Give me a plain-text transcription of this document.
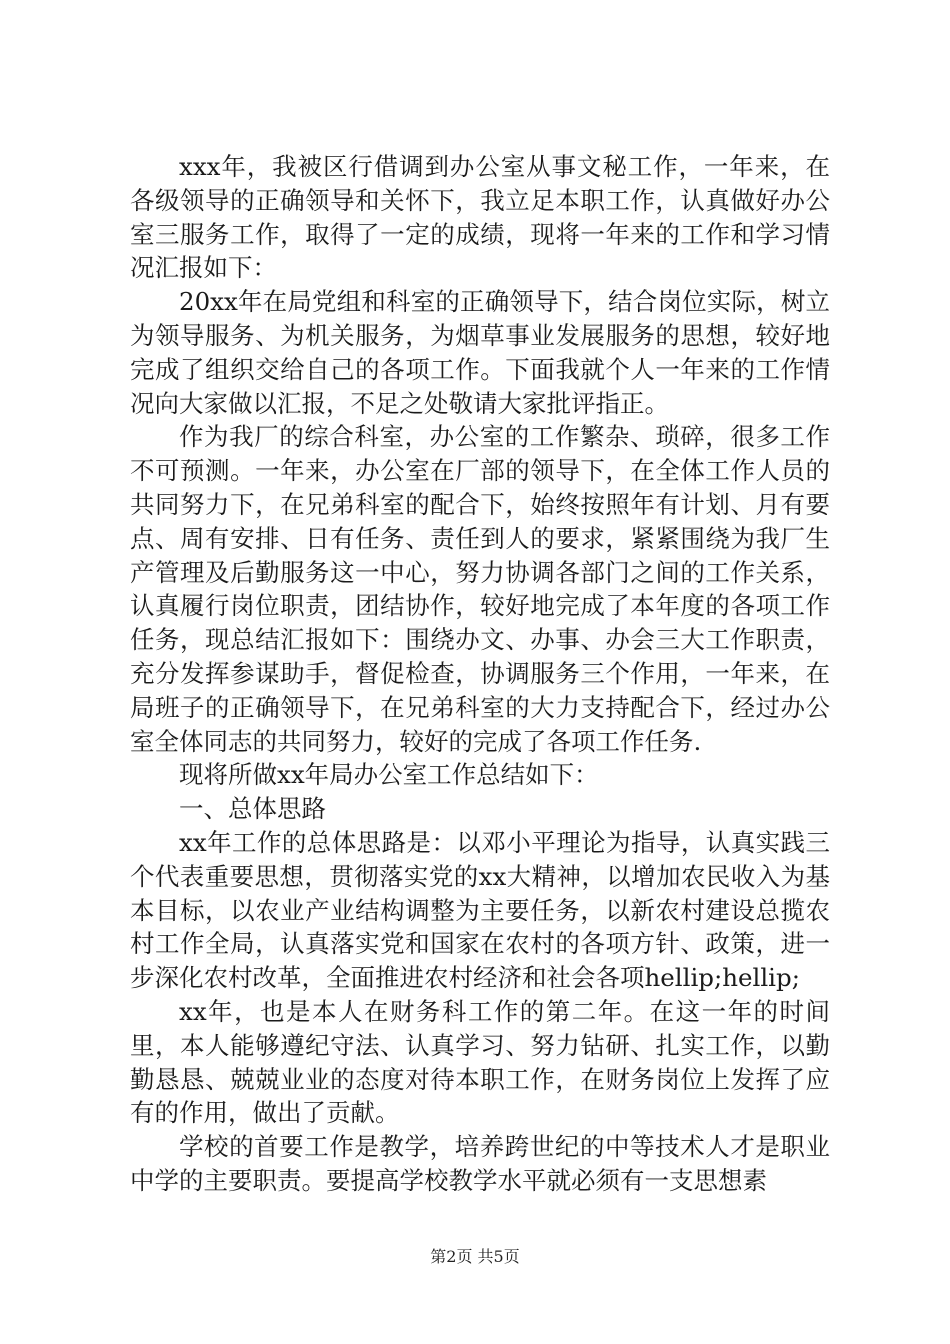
xxx年，我被区行借调到办公室从事文秘工作，一年来，在各级领导的正确领导和关怀下，我立足本职工作，认真做好办公室三服务工作，取得了一定的成绩，现将一年来的工作和学习情况汇报如下：

20xx年在局党组和科室的正确领导下，结合岗位实际，树立为领导服务、为机关服务，为烟草事业发展服务的思想，较好地完成了组织交给自己的各项工作。下面我就个人一年来的工作情况向大家做以汇报，不足之处敬请大家批评指正。

作为我厂的综合科室，办公室的工作繁杂、琐碎，很多工作不可预测。一年来，办公室在厂部的领导下，在全体工作人员的共同努力下，在兄弟科室的配合下，始终按照年有计划、月有要点、周有安排、日有任务、责任到人的要求，紧紧围绕为我厂生产管理及后勤服务这一中心，努力协调各部门之间的工作关系，认真履行岗位职责，团结协作，较好地完成了本年度的各项工作任务，现总结汇报如下：围绕办文、办事、办会三大工作职责，充分发挥参谋助手，督促检查，协调服务三个作用，一年来，在局班子的正确领导下，在兄弟科室的大力支持配合下，经过办公室全体同志的共同努力，较好的完成了各项工作任务.

现将所做xx年局办公室工作总结如下：

一、总体思路

xx年工作的总体思路是：以邓小平理论为指导，认真实践三个代表重要思想，贯彻落实党的xx大精神，以增加农民收入为基本目标，以农业产业结构调整为主要任务，以新农村建设总揽农村工作全局，认真落实党和国家在农村的各项方针、政策，进一步深化农村改革，全面推进农村经济和社会各项hellip;hellip;

xx年，也是本人在财务科工作的第二年。在这一年的时间里，本人能够遵纪守法、认真学习、努力钻研、扎实工作，以勤勤恳恳、兢兢业业的态度对待本职工作，在财务岗位上发挥了应有的作用，做出了贡献。

学校的首要工作是教学，培养跨世纪的中等技术人才是职业中学的主要职责。要提高学校教学水平就必须有一支思想素

第2页 共5页
